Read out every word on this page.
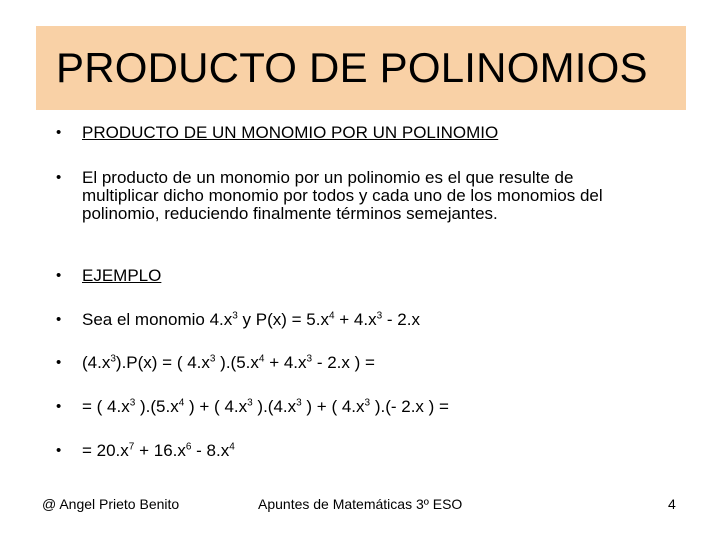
PRODUCTO DE POLINOMIOS
• PRODUCTO DE UN MONOMIO POR UN POLINOMIO
• El producto de un monomio por un polinomio es el que resulte de multiplicar dicho monomio por todos y cada uno de los monomios del polinomio, reduciendo finalmente términos semejantes.
• EJEMPLO
• Sea el monomio $4.x^3$ y $P(x) = 5.x^4 + 4.x^3 - 2.x$
• $(4.x^3).P(x)$ = ( $4.x^3$ )$.(5.x^4 + 4.x^3 - 2.x$ ) =
• = ( $4.x^3$ )$.(5.x^4$ ) + ( $4.x^3$ )$.(4.x^3$ ) + ( $4.x^3$ ).(- 2.x ) =
• = $20.x^7 + 16.x^6 - 8.x^4$
@ Angel Prieto Benito	Apuntes de Matemáticas 3º ESO	4
